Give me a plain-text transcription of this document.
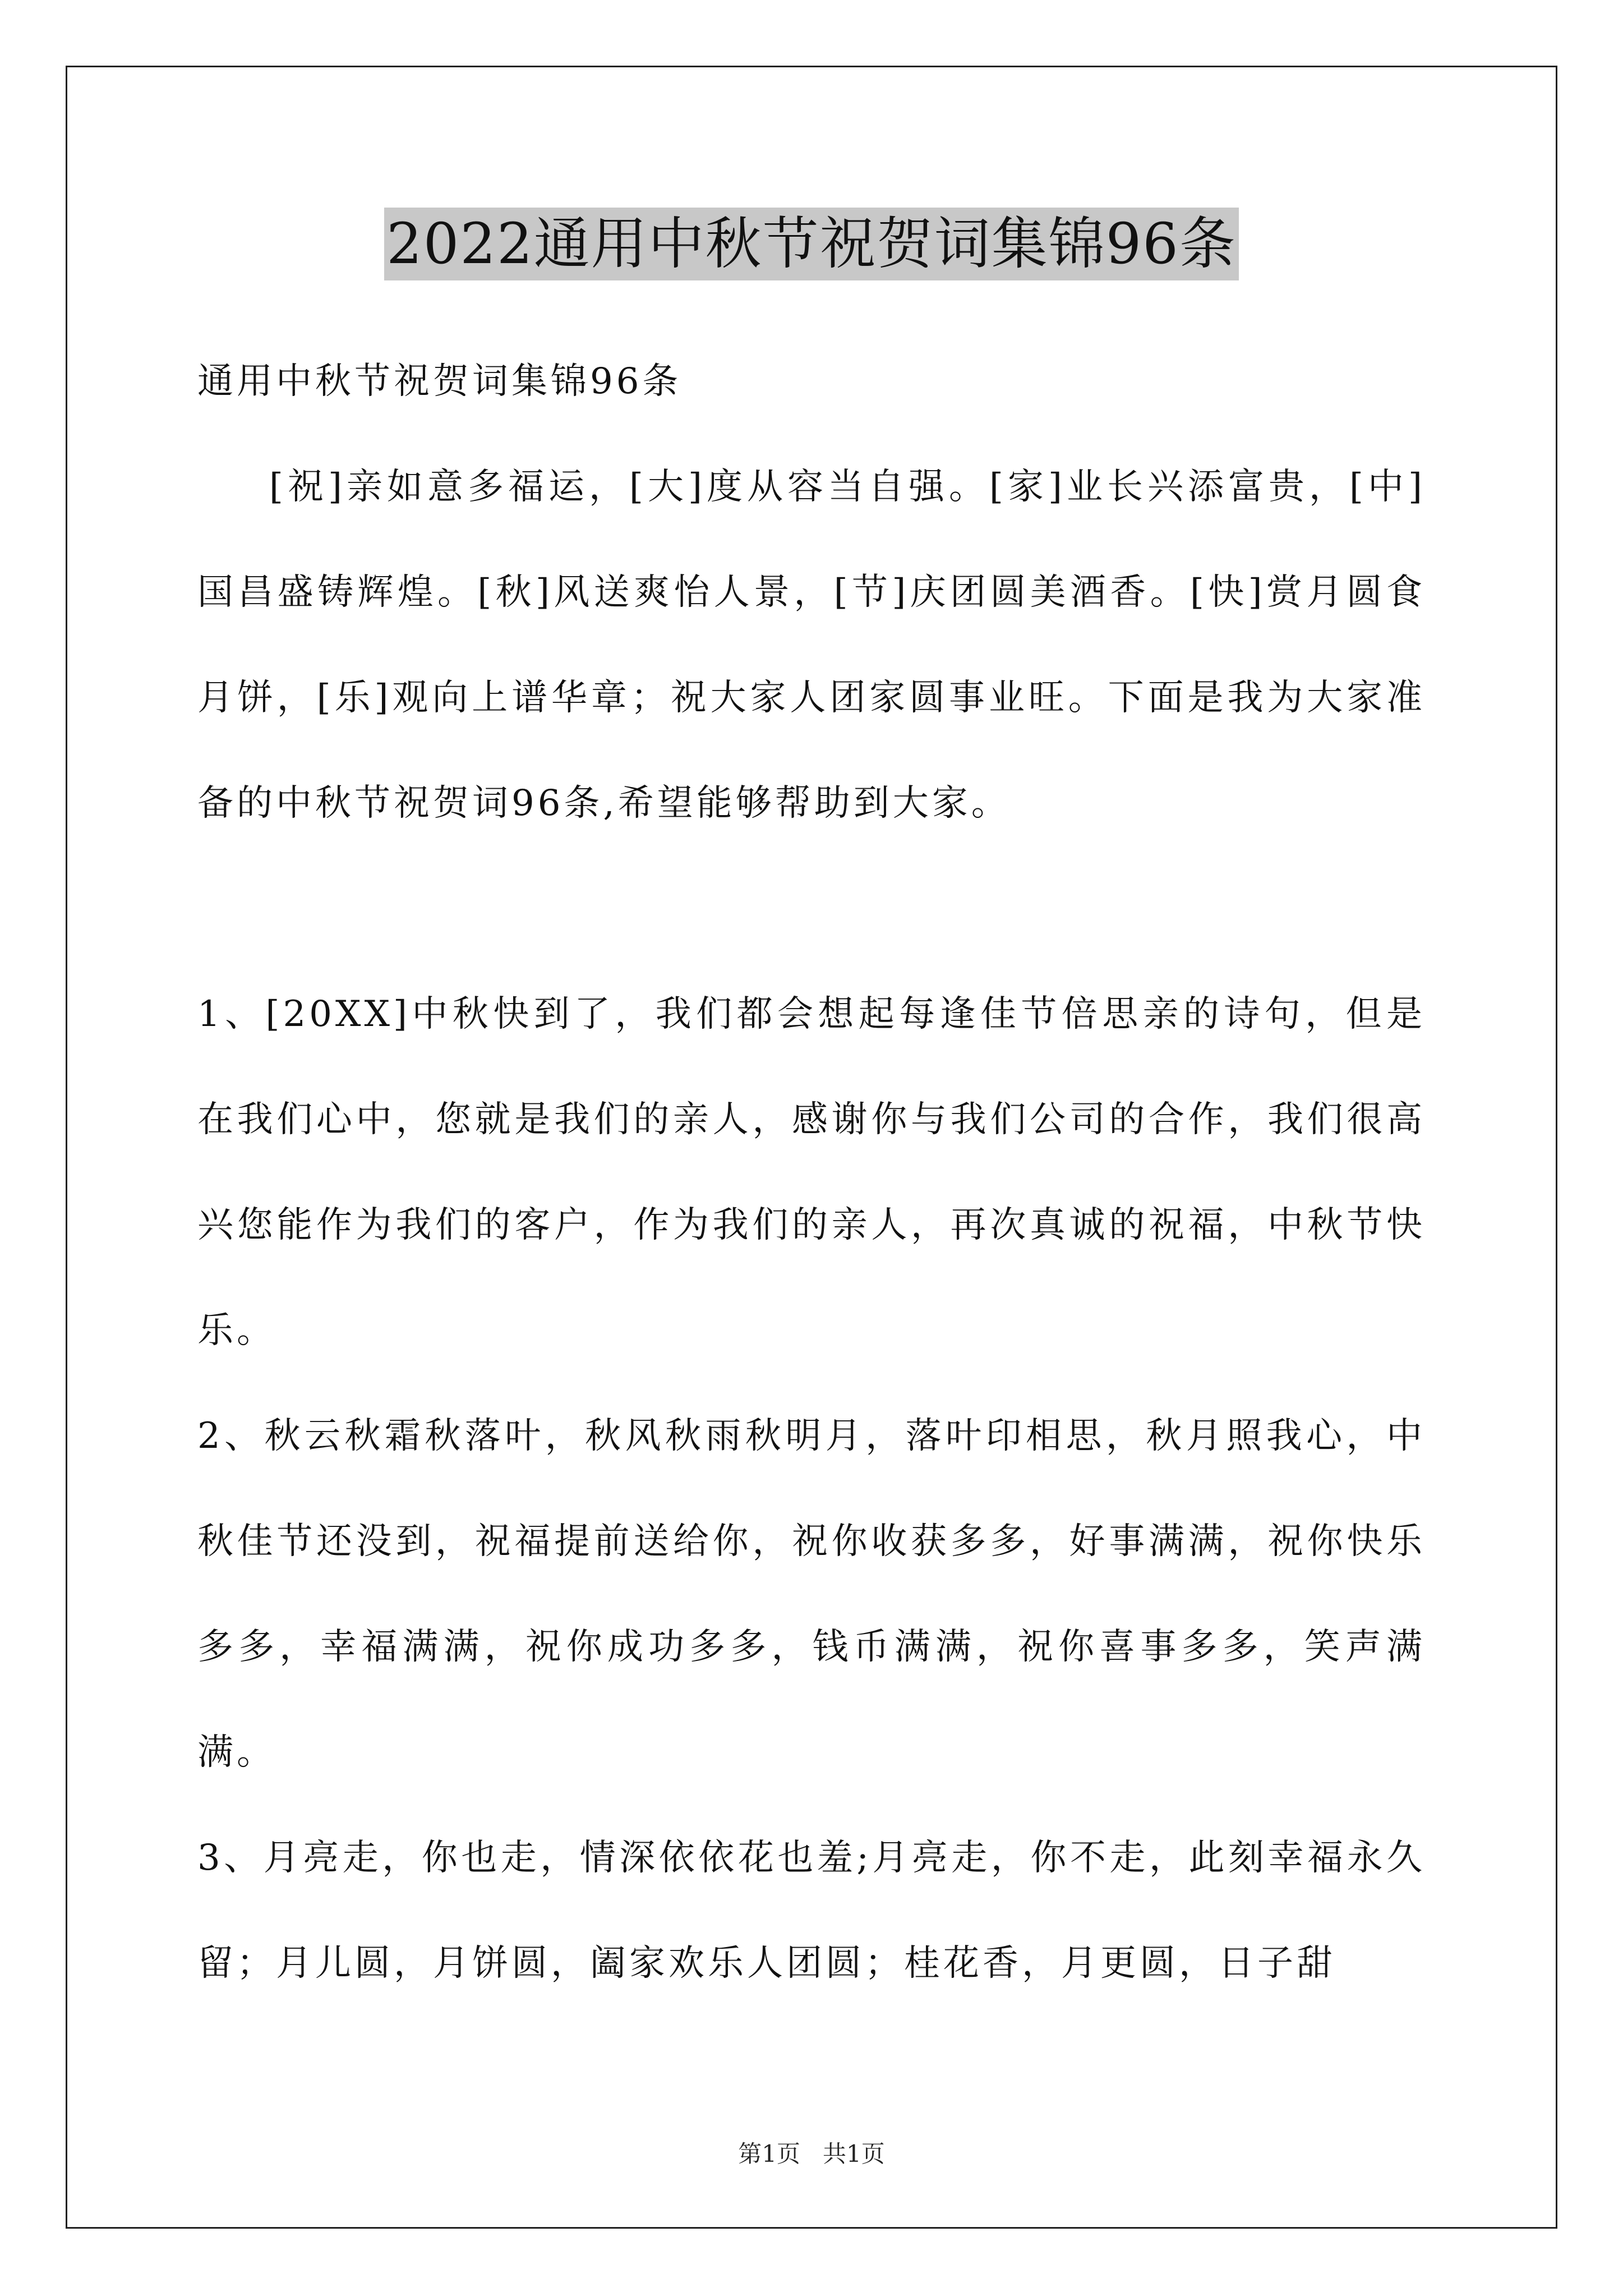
2022通用中秋节祝贺词集锦96条

通用中秋节祝贺词集锦96条

[祝]亲如意多福运，[大]度从容当自强。[家]业长兴添富贵，[中]国昌盛铸辉煌。[秋]风送爽怡人景，[节]庆团圆美酒香。[快]赏月圆食月饼，[乐]观向上谱华章；祝大家人团家圆事业旺。下面是我为大家准备的中秋节祝贺词96条,希望能够帮助到大家。

1、[20XX]中秋快到了，我们都会想起每逢佳节倍思亲的诗句，但是在我们心中，您就是我们的亲人，感谢你与我们公司的合作，我们很高兴您能作为我们的客户，作为我们的亲人，再次真诚的祝福，中秋节快乐。
2、秋云秋霜秋落叶，秋风秋雨秋明月，落叶印相思，秋月照我心，中秋佳节还没到，祝福提前送给你，祝你收获多多，好事满满，祝你快乐多多，幸福满满，祝你成功多多，钱币满满，祝你喜事多多，笑声满满。
3、月亮走，你也走，情深依依花也羞;月亮走，你不走，此刻幸福永久留；月儿圆，月饼圆，阖家欢乐人团圆；桂花香，月更圆，日子甜
第1页 共1页
